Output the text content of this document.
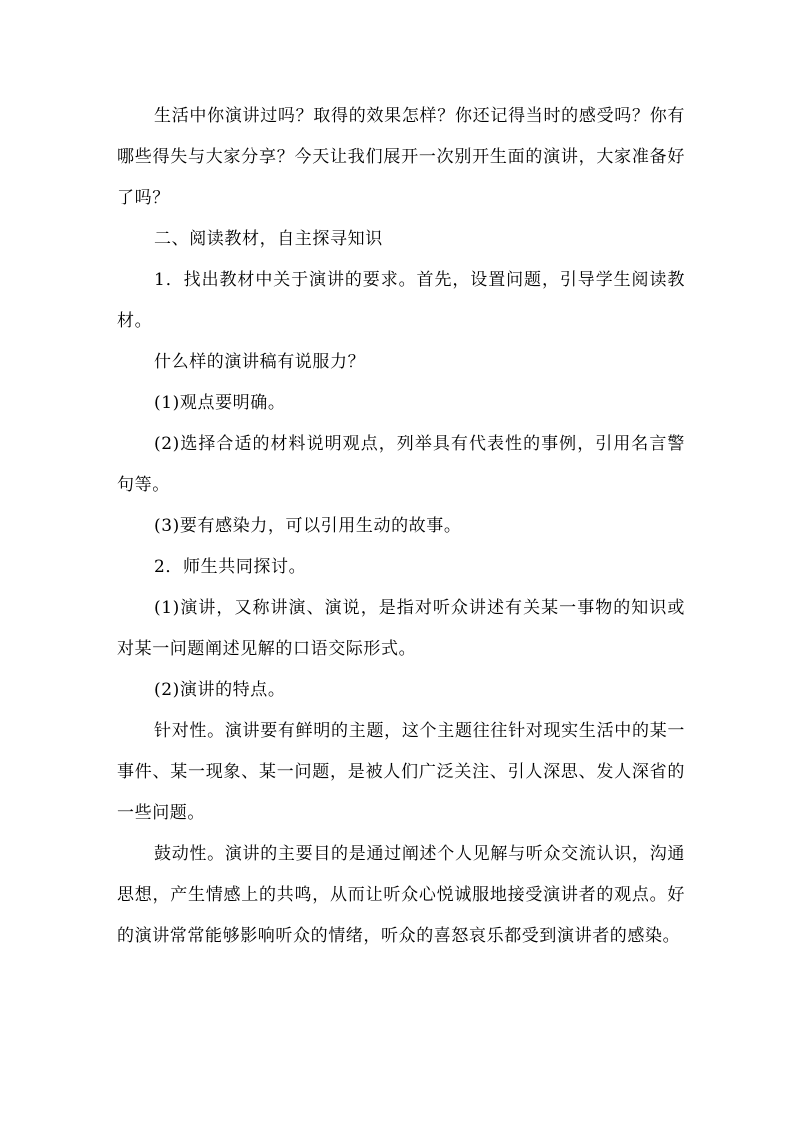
生活中你演讲过吗？取得的效果怎样？你还记得当时的感受吗？你有哪些得失与大家分享？今天让我们展开一次别开生面的演讲，大家准备好了吗？

二、阅读教材，自主探寻知识

1．找出教材中关于演讲的要求。首先，设置问题，引导学生阅读教材。

什么样的演讲稿有说服力？

(1)观点要明确。

(2)选择合适的材料说明观点，列举具有代表性的事例，引用名言警句等。

(3)要有感染力，可以引用生动的故事。

2．师生共同探讨。

(1)演讲，又称讲演、演说，是指对听众讲述有关某一事物的知识或对某一问题阐述见解的口语交际形式。

(2)演讲的特点。

针对性。演讲要有鲜明的主题，这个主题往往针对现实生活中的某一事件、某一现象、某一问题，是被人们广泛关注、引人深思、发人深省的一些问题。

鼓动性。演讲的主要目的是通过阐述个人见解与听众交流认识，沟通思想，产生情感上的共鸣，从而让听众心悦诚服地接受演讲者的观点。好的演讲常常能够影响听众的情绪，听众的喜怒哀乐都受到演讲者的感染。
